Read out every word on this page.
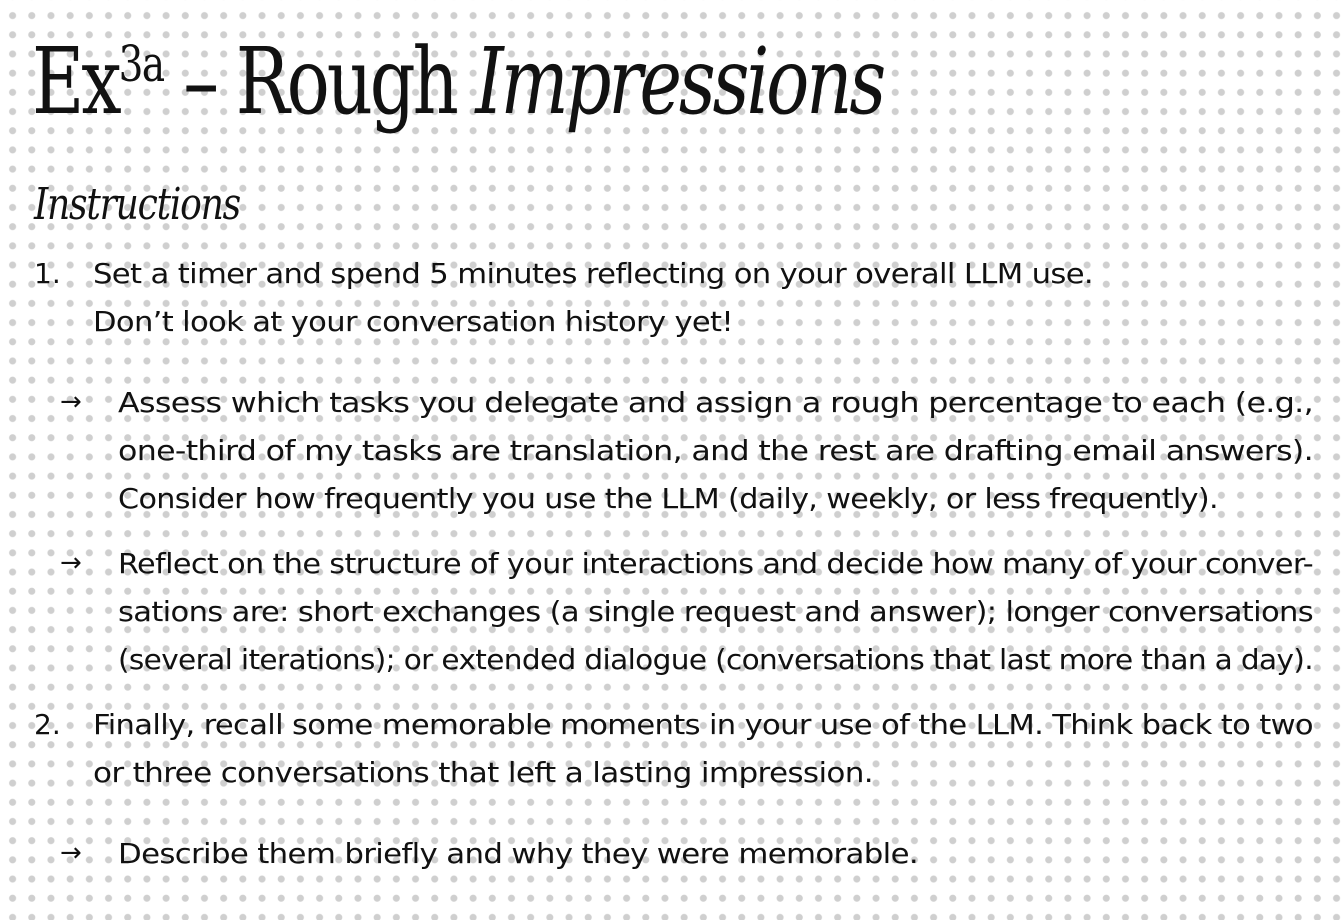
$Ex^{3a}$ – Rough Impressions
Instructions
1. Set a timer and spend 5 minutes reflecting on your overall LLM use.
Don’t look at your conversation history yet!
→ Assess which tasks you delegate and assign a rough percentage to each (e.g.,
one-third of my tasks are translation, and the rest are drafting email answers).
Consider how frequently you use the LLM (daily, weekly, or less frequently).
→ Reflect on the structure of your interactions and decide how many of your conver-
sations are: short exchanges (a single request and answer); longer conversations
(several iterations); or extended dialogue (conversations that last more than a day).
2. Finally, recall some memorable moments in your use of the LLM. Think back to two
or three conversations that left a lasting impression.
→ Describe them briefly and why they were memorable.
